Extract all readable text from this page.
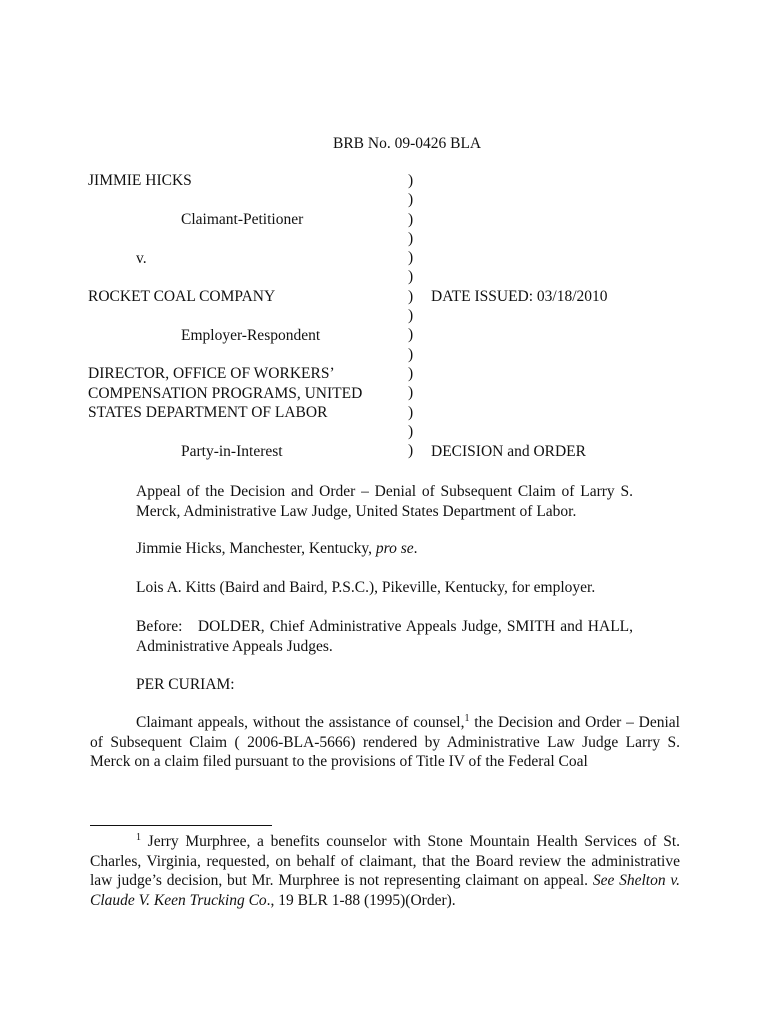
BRB No. 09-0426 BLA
JIMMIE HICKS
Claimant-Petitioner
v.
ROCKET COAL COMPANY
Employer-Respondent
DIRECTOR, OFFICE OF WORKERS’
COMPENSATION PROGRAMS, UNITED
STATES DEPARTMENT OF LABOR
Party-in-Interest
)
)
)
)
)
)
)
)
)
)
)
)
)
)
)
DATE ISSUED: 03/18/2010
DECISION and ORDER
Appeal of the Decision and Order – Denial of Subsequent Claim of Larry S. Merck, Administrative Law Judge, United States Department of Labor.
Jimmie Hicks, Manchester, Kentucky, pro se.
Lois A. Kitts (Baird and Baird, P.S.C.), Pikeville, Kentucky, for employer.
Before: DOLDER, Chief Administrative Appeals Judge, SMITH and HALL, Administrative Appeals Judges.
PER CURIAM:
Claimant appeals, without the assistance of counsel,$^1$ the Decision and Order – Denial of Subsequent Claim ( 2006-BLA-5666) rendered by Administrative Law Judge Larry S. Merck on a claim filed pursuant to the provisions of Title IV of the Federal Coal
$^1$ Jerry Murphree, a benefits counselor with Stone Mountain Health Services of St. Charles, Virginia, requested, on behalf of claimant, that the Board review the administrative law judge’s decision, but Mr. Murphree is not representing claimant on appeal. See Shelton v. Claude V. Keen Trucking Co., 19 BLR 1-88 (1995)(Order).
